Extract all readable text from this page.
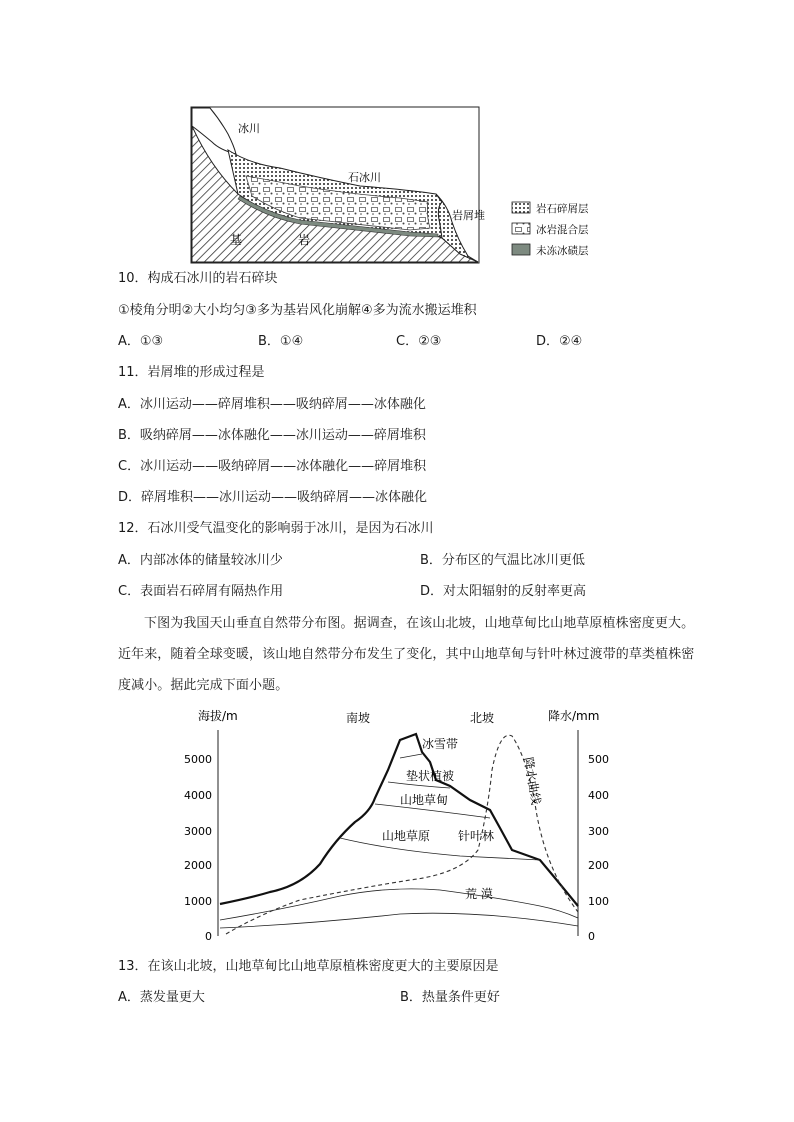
冰川
石冰川
岩屑堆
基	岩
岩石碎屑层
冰岩混合层
未冻冰碛层
10．构成石冰川的岩石碎块
①棱角分明②大小均匀③多为基岩风化崩解④多为流水搬运堆积
A．①③	B．①④	C．②③	D．②④
11．岩屑堆的形成过程是
A．冰川运动——碎屑堆积——吸纳碎屑——冰体融化
B．吸纳碎屑——冰体融化——冰川运动——碎屑堆积
C．冰川运动——吸纳碎屑——冰体融化——碎屑堆积
D．碎屑堆积——冰川运动——吸纳碎屑——冰体融化
12．石冰川受气温变化的影响弱于冰川，是因为石冰川
A．内部冰体的储量较冰川少	B．分布区的气温比冰川更低
C．表面岩石碎屑有隔热作用	D．对太阳辐射的反射率更高
下图为我国天山垂直自然带分布图。据调查，在该山北坡，山地草甸比山地草原植株密度更大。近年来，随着全球变暖，该山地自然带分布发生了变化，其中山地草甸与针叶林过渡带的草类植株密度减小。据此完成下面小题。
海拔/m	降水/mm
南坡	北坡
5000
4000
3000
2000
1000
0
500
400
300
200
100
0
冰雪带
垫状植被
山地草甸
山地草原 针叶林
荒 漠
降水曲线
13．在该山北坡，山地草甸比山地草原植株密度更大的主要原因是
A．蒸发量更大	B．热量条件更好
